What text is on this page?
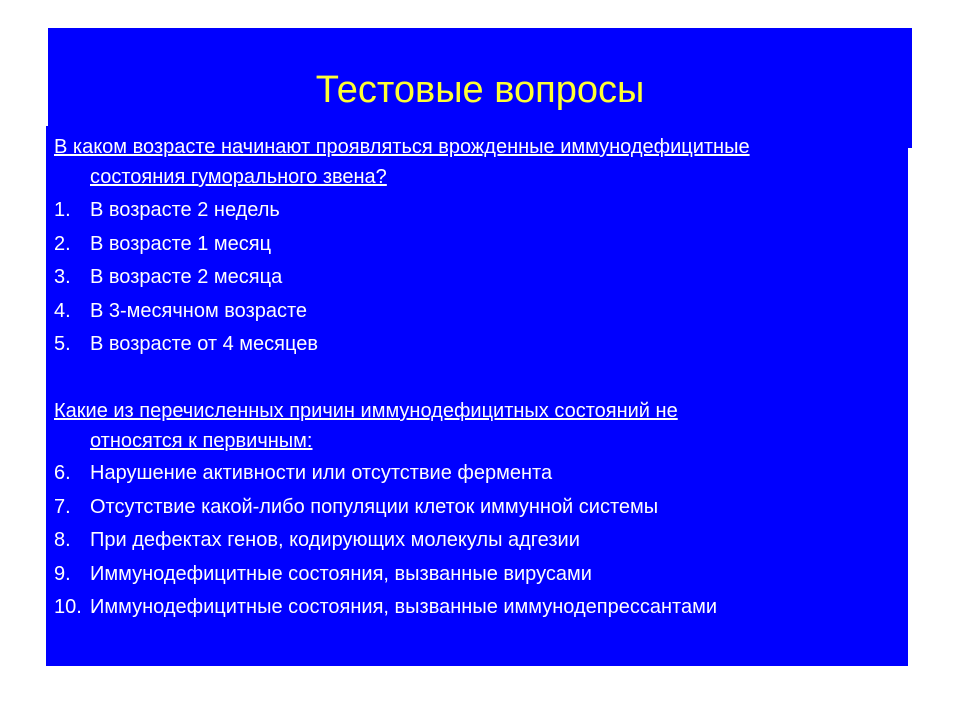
Тестовые вопросы
В каком возрасте начинают проявляться врожденные иммунодефицитные
состояния гуморального звена?
1. В возрасте 2 недель
2. В возрасте 1 месяц
3. В возрасте 2 месяца
4. В 3-месячном возрасте
5. В возрасте от 4 месяцев
Какие из перечисленных причин иммунодефицитных состояний не
относятся к первичным:
6. Нарушение активности или отсутствие фермента
7. Отсутствие какой-либо популяции клеток иммунной системы
8. При дефектах генов, кодирующих молекулы адгезии
9. Иммунодефицитные состояния, вызванные вирусами
10. Иммунодефицитные состояния, вызванные иммунодепрессантами
